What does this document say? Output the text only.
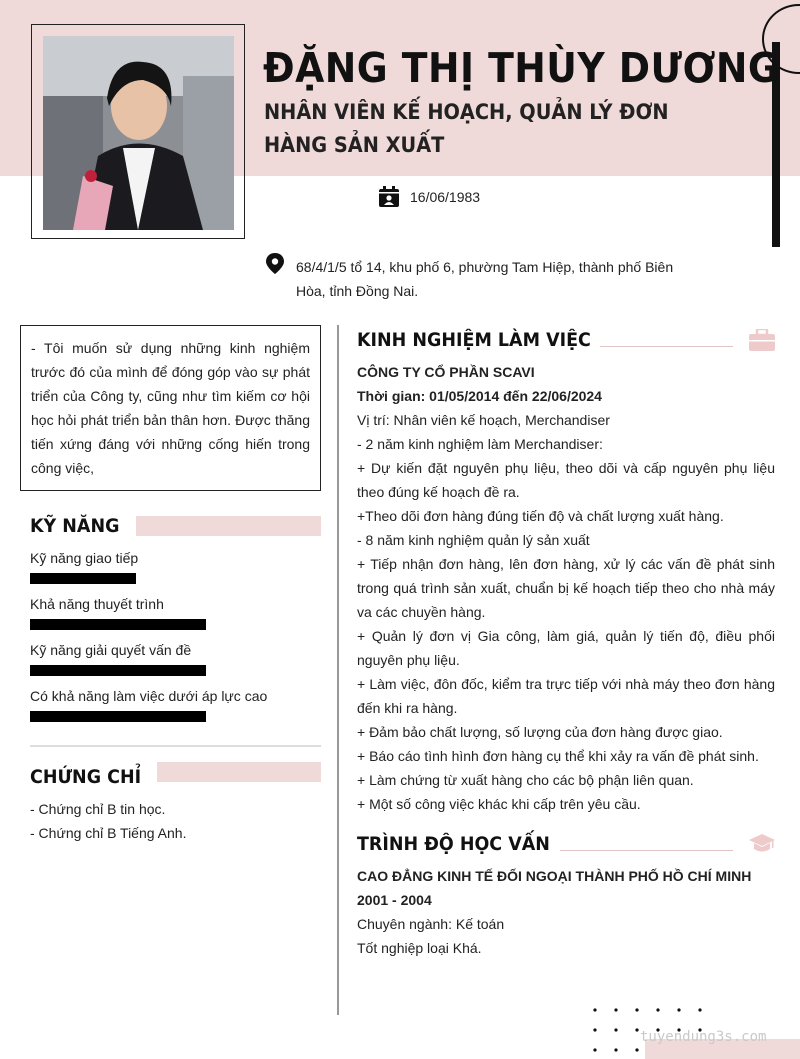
ĐẶNG THỊ THÙY DƯƠNG
NHÂN VIÊN KẾ HOẠCH, QUẢN LÝ ĐƠN HÀNG SẢN XUẤT
16/06/1983
68/4/1/5 tổ 14, khu phố 6, phường Tam Hiệp, thành phố Biên Hòa, tỉnh Đồng Nai.
- Tôi muốn sử dụng những kinh nghiệm trước đó của mình để đóng góp vào sự phát triển của Công ty, cũng như tìm kiếm cơ hội học hỏi phát triển bản thân hơn. Được thăng tiến xứng đáng với những cống hiến trong công việc,
KỸ NĂNG
Kỹ năng giao tiếp
Khả năng thuyết trình
Kỹ năng giải quyết vấn đề
Có khả năng làm việc dưới áp lực cao
CHỨNG CHỈ
- Chứng chỉ B tin học.
- Chứng chỉ B Tiếng Anh.
KINH NGHIỆM LÀM VIỆC
CÔNG TY CỔ PHẦN SCAVI
Thời gian: 01/05/2014 đến 22/06/2024
Vị trí: Nhân viên kế hoạch, Merchandiser
- 2 năm kinh nghiệm làm Merchandiser:
+ Dự kiến đặt nguyên phụ liệu, theo dõi và cấp nguyên phụ liệu theo đúng kế hoạch đề ra.
+Theo dõi đơn hàng đúng tiến độ và chất lượng xuất hàng.
- 8 năm kinh nghiệm quản lý sản xuất
+ Tiếp nhận đơn hàng, lên đơn hàng, xử lý các vấn đề phát sinh trong quá trình sản xuất, chuẩn bị kế hoạch tiếp theo cho nhà máy va các chuyền hàng.
+ Quản lý đơn vị Gia công, làm giá, quản lý tiến độ, điều phối nguyên phụ liệu.
+ Làm việc, đôn đốc, kiểm tra trực tiếp với nhà máy theo đơn hàng đến khi ra hàng.
+ Đảm bảo chất lượng, số lượng của đơn hàng được giao.
+ Báo cáo tình hình đơn hàng cụ thể khi xảy ra vấn đề phát sinh.
+ Làm chứng từ xuất hàng cho các bộ phận liên quan.
+ Một số công việc khác khi cấp trên yêu cầu.
TRÌNH ĐỘ HỌC VẤN
CAO ĐẲNG KINH TẾ ĐỐI NGOẠI THÀNH PHỐ HỒ CHÍ MINH
2001 - 2004
Chuyên ngành: Kế toán
Tốt nghiệp loại Khá.
tuyendung3s.com
